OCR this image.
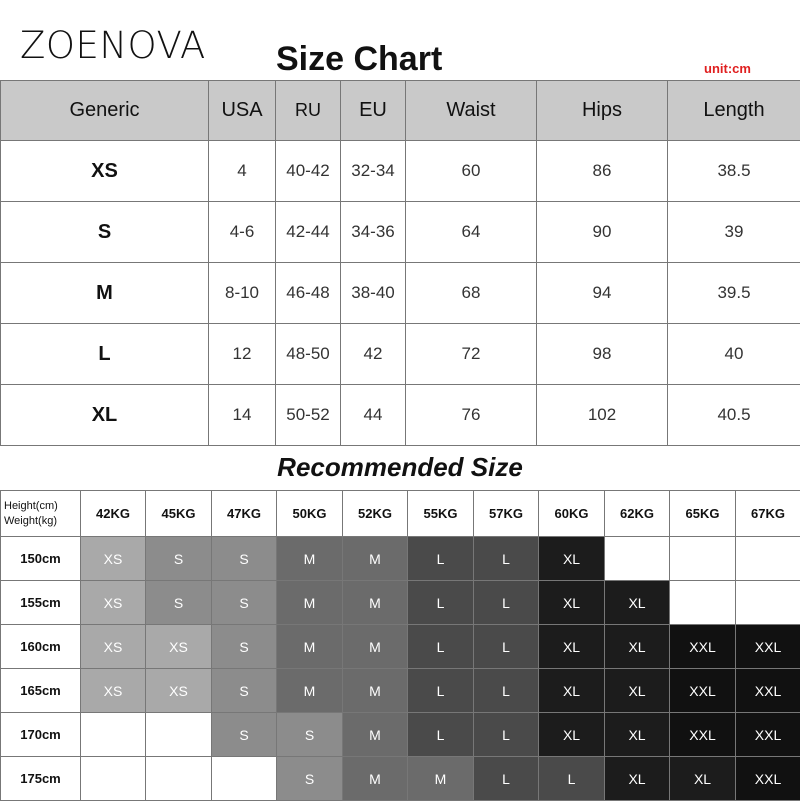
ZOENOVA Size Chart	unit:cm
Generic	USA	RU	EU	Waist	Hips	Length
XS	4	40-42	32-34	60	86	38.5
S	4-6	42-44	34-36	64	90	39
M	8-10	46-48	38-40	68	94	39.5
L	12	48-50	42	72	98	40
XL	14	50-52	44	76	102	40.5
Recommended Size
Height(cm)
Weight(kg)	42KG	45KG	47KG	50KG	52KG	55KG	57KG	60KG	62KG	65KG	67KG
150cm	XS	S	S	M	M	L	L	XL			
155cm	XS	S	S	M	M	L	L	XL	XL		
160cm	XS	XS	S	M	M	L	L	XL	XL	XXL	XXL
165cm	XS	XS	S	M	M	L	L	XL	XL	XXL	XXL
170cm			S	S	M	L	L	XL	XL	XXL	XXL
175cm				S	M	M	L	L	XL	XL	XXL
